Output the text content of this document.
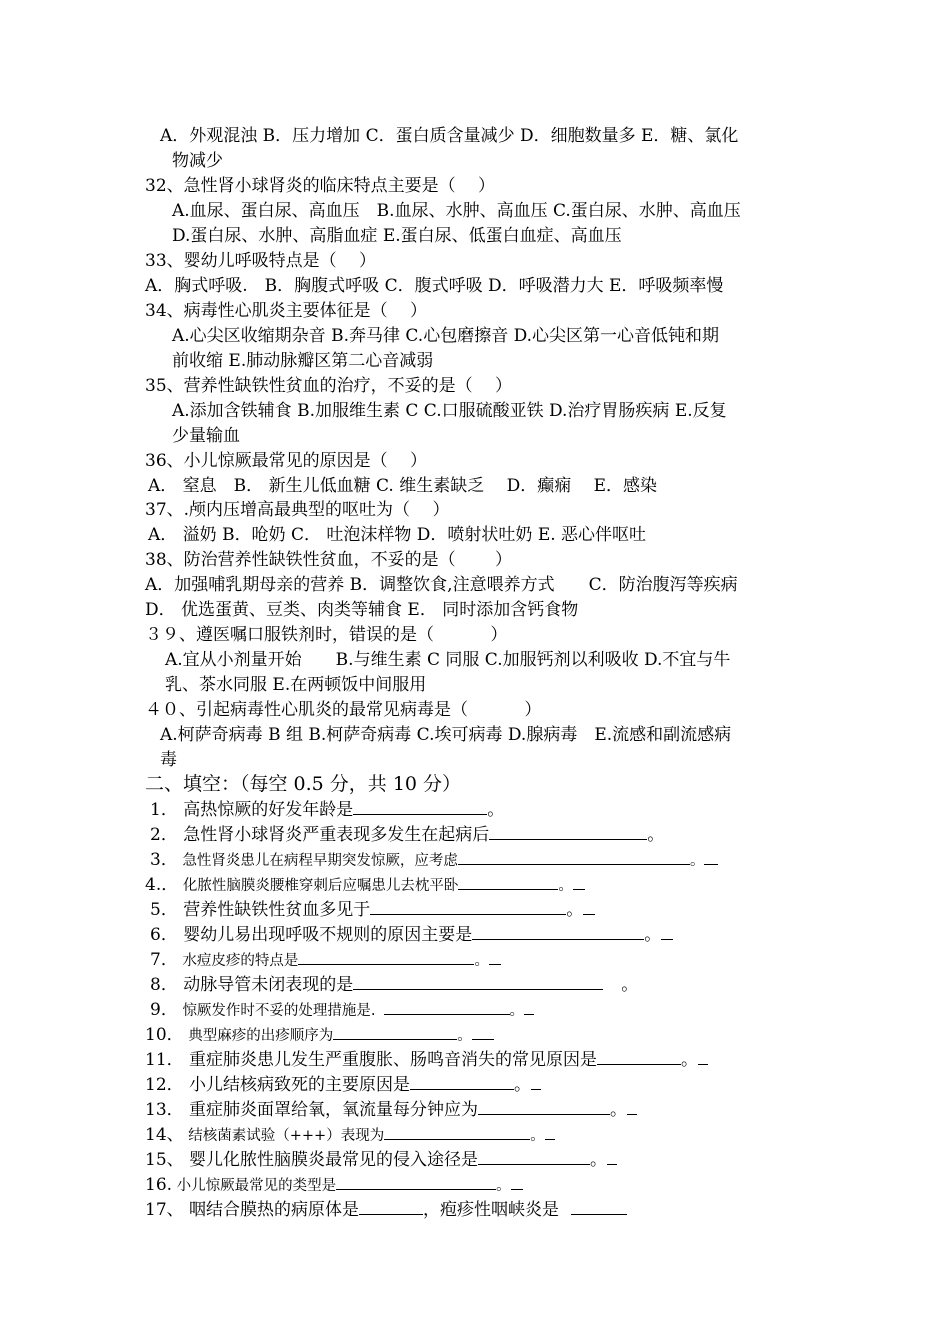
A．外观混浊 B．压力增加 C．蛋白质含量减少 D．细胞数量多 E．糖、氯化
物减少
32、急性肾小球肾炎的临床特点主要是（　 ）
A.血尿、蛋白尿、高血压　B.血尿、水肿、高血压 C.蛋白尿、水肿、高血压
D.蛋白尿、水肿、高脂血症 E.蛋白尿、低蛋白血症、高血压
33、婴幼儿呼吸特点是（　 ）
A．胸式呼吸.　B．胸腹式呼吸 C．腹式呼吸 D．呼吸潜力大 E．呼吸频率慢
34、病毒性心肌炎主要体征是（　 ）
A.心尖区收缩期杂音 B.奔马律 C.心包磨擦音 D.心尖区第一心音低钝和期
前收缩 E.肺动脉瓣区第二心音减弱
35、营养性缺铁性贫血的治疗，不妥的是（　 ）
A.添加含铁辅食 B.加服维生素 C C.口服硫酸亚铁 D.治疗胃肠疾病 E.反复
少量输血
36、小儿惊厥最常见的原因是（　 ）
A． 窒息　B． 新生儿低血糖 C. 维生素缺乏　 D．癫痫　 E．感染
37、.颅内压增高最典型的呕吐为（　 ）
A． 溢奶 B．呛奶 C． 吐泡沫样物 D．喷射状吐奶 E. 恶心伴呕吐
38、防治营养性缺铁性贫血，不妥的是（　　 ）
A．加强哺乳期母亲的营养 B．调整饮食,注意喂养方式　　C．防治腹泻等疾病
D． 优选蛋黄、豆类、肉类等辅食 E． 同时添加含钙食物
３９、遵医嘱口服铁剂时，错误的是（　　　 ）
A.宜从小剂量开始　　B.与维生素 C 同服 C.加服钙剂以利吸收 D.不宜与牛
乳、茶水同服 E.在两顿饭中间服用
４０、引起病毒性心肌炎的最常见病毒是（　　　 ）
A.柯萨奇病毒 B 组 B.柯萨奇病毒 C.埃可病毒 D.腺病毒　E.流感和副流感病
毒
二、填空：（每空 0.5 分，共 10 分）
1． 高热惊厥的好发年龄是	。
2． 急性肾小球肾炎严重表现多发生在起病后	。
3． 急性肾炎患儿在病程早期突发惊厥，应考虑	。
4.． 化脓性脑膜炎腰椎穿刺后应嘱患儿去枕平卧	。
5． 营养性缺铁性贫血多见于	。
6． 婴幼儿易出现呼吸不规则的原因主要是	。
7． 水痘皮疹的特点是	。
8． 动脉导管未闭表现的是	。
9． 惊厥发作时不妥的处理措施是.	。
10． 典型麻疹的出疹顺序为	。
11． 重症肺炎患儿发生严重腹胀、肠鸣音消失的常见原因是	。
12． 小儿结核病致死的主要原因是	。
13． 重症肺炎面罩给氧，氧流量每分钟应为	。
14、 结核菌素试验（+++）表现为	。
15、 婴儿化脓性脑膜炎最常见的侵入途径是	。
16. 小儿惊厥最常见的类型是	。
17、 咽结合膜热的病原体是	，疱疹性咽峡炎是
